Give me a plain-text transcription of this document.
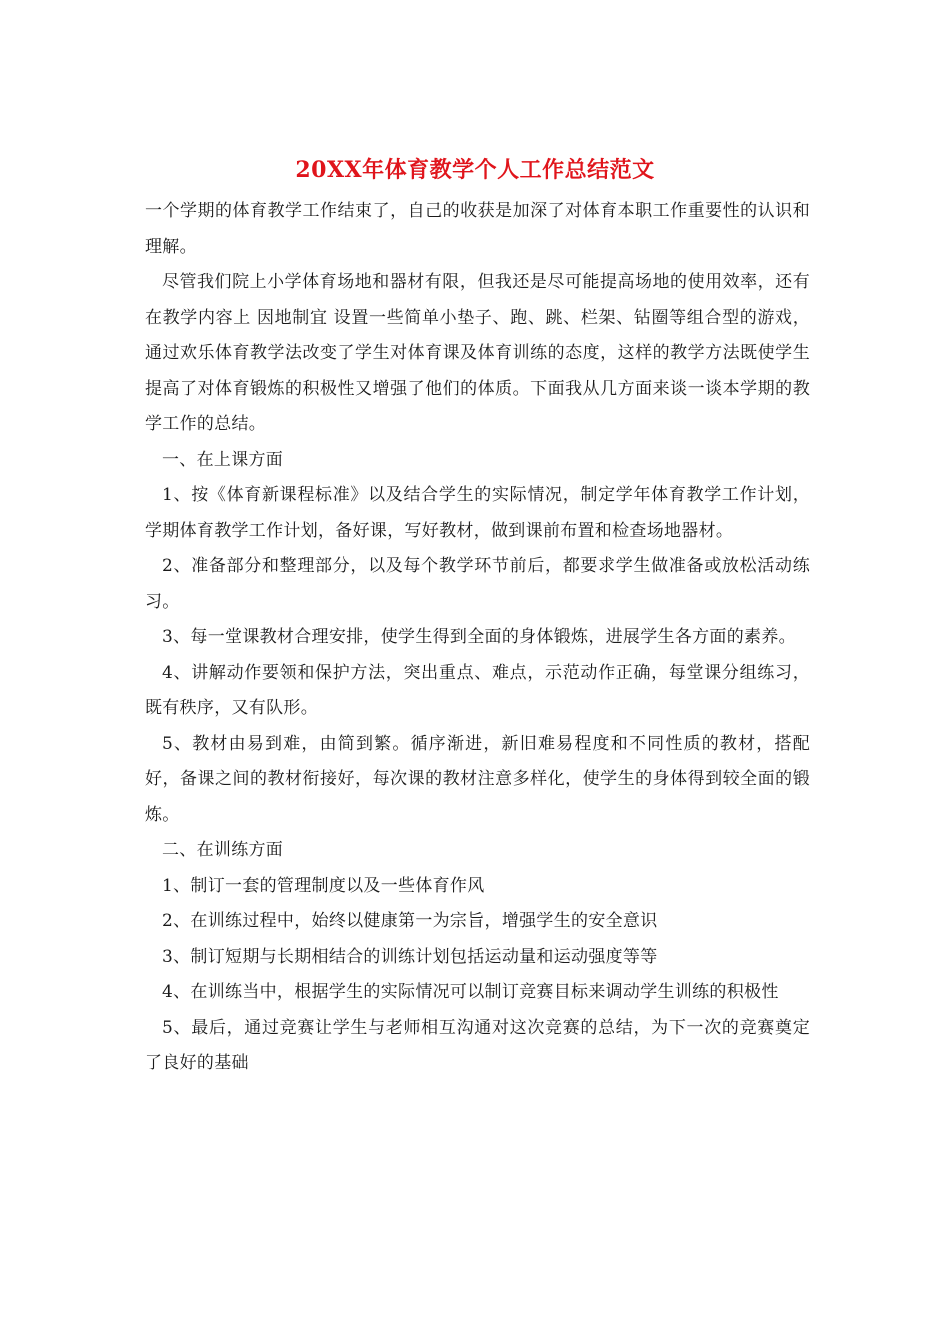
20XX年体育教学个人工作总结范文

一个学期的体育教学工作结束了，自己的收获是加深了对体育本职工作重要性的认识和理解。

尽管我们院上小学体育场地和器材有限，但我还是尽可能提高场地的使用效率，还有在教学内容上 因地制宜 设置一些简单小垫子、跑、跳、栏架、钻圈等组合型的游戏，通过欢乐体育教学法改变了学生对体育课及体育训练的态度，这样的教学方法既使学生提高了对体育锻炼的积极性又增强了他们的体质。下面我从几方面来谈一谈本学期的教学工作的总结。

一、在上课方面

1、按《体育新课程标准》以及结合学生的实际情况，制定学年体育教学工作计划，学期体育教学工作计划，备好课，写好教材，做到课前布置和检查场地器材。

2、准备部分和整理部分，以及每个教学环节前后，都要求学生做准备或放松活动练习。

3、每一堂课教材合理安排，使学生得到全面的身体锻炼，进展学生各方面的素养。

4、讲解动作要领和保护方法，突出重点、难点，示范动作正确，每堂课分组练习，既有秩序，又有队形。

5、教材由易到难，由简到繁。循序渐进，新旧难易程度和不同性质的教材，搭配好，备课之间的教材衔接好，每次课的教材注意多样化，使学生的身体得到较全面的锻炼。

二、在训练方面

1、制订一套的管理制度以及一些体育作风

2、在训练过程中，始终以健康第一为宗旨，增强学生的安全意识

3、制订短期与长期相结合的训练计划包括运动量和运动强度等等

4、在训练当中，根据学生的实际情况可以制订竞赛目标来调动学生训练的积极性

5、最后，通过竞赛让学生与老师相互沟通对这次竞赛的总结，为下一次的竞赛奠定了良好的基础
